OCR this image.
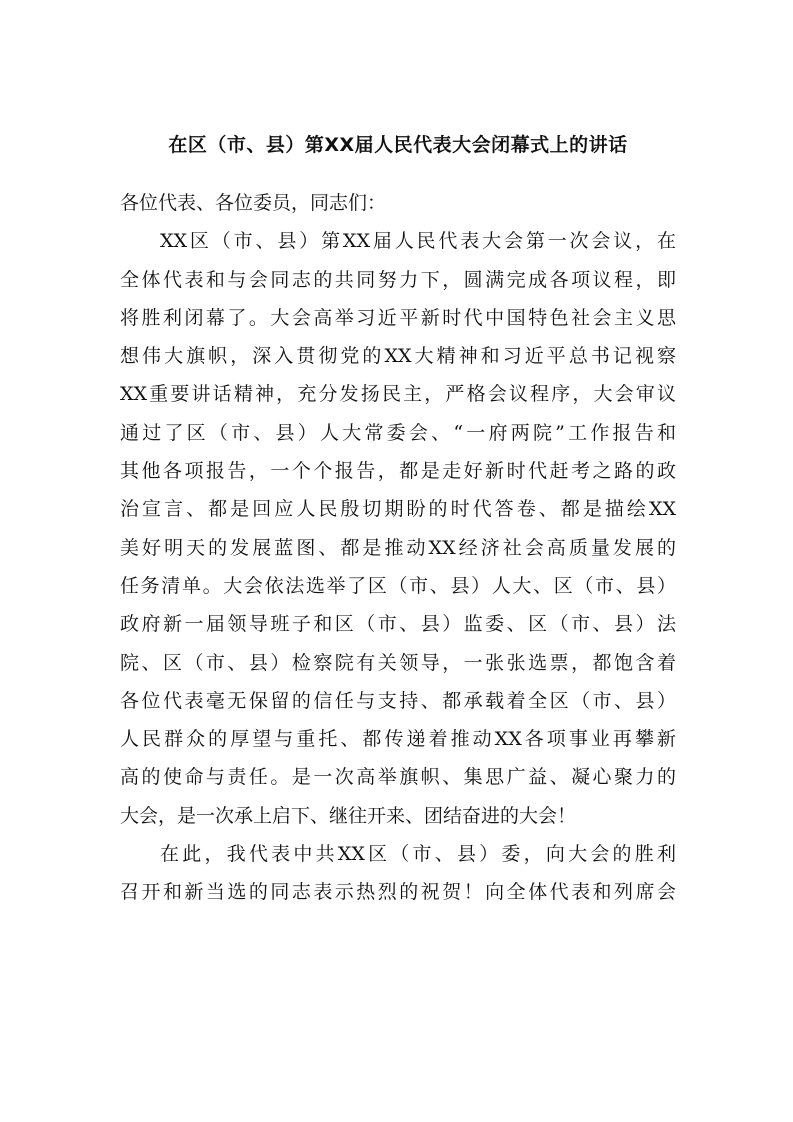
在区（市、县）第XX届人民代表大会闭幕式上的讲话
各位代表、各位委员，同志们：
XX区（市、县）第XX届人民代表大会第一次会议，在
全体代表和与会同志的共同努力下，圆满完成各项议程，即
将胜利闭幕了。大会高举习近平新时代中国特色社会主义思
想伟大旗帜，深入贯彻党的XX大精神和习近平总书记视察
XX重要讲话精神，充分发扬民主，严格会议程序，大会审议
通过了区（市、县）人大常委会、“一府两院”工作报告和
其他各项报告，一个个报告，都是走好新时代赶考之路的政
治宣言、都是回应人民殷切期盼的时代答卷、都是描绘XX
美好明天的发展蓝图、都是推动XX经济社会高质量发展的
任务清单。大会依法选举了区（市、县）人大、区（市、县）
政府新一届领导班子和区（市、县）监委、区（市、县）法
院、区（市、县）检察院有关领导，一张张选票，都饱含着
各位代表毫无保留的信任与支持、都承载着全区（市、县）
人民群众的厚望与重托、都传递着推动XX各项事业再攀新
高的使命与责任。是一次高举旗帜、集思广益、凝心聚力的
大会，是一次承上启下、继往开来、团结奋进的大会！
在此，我代表中共XX区（市、县）委，向大会的胜利
召开和新当选的同志表示热烈的祝贺！向全体代表和列席会
